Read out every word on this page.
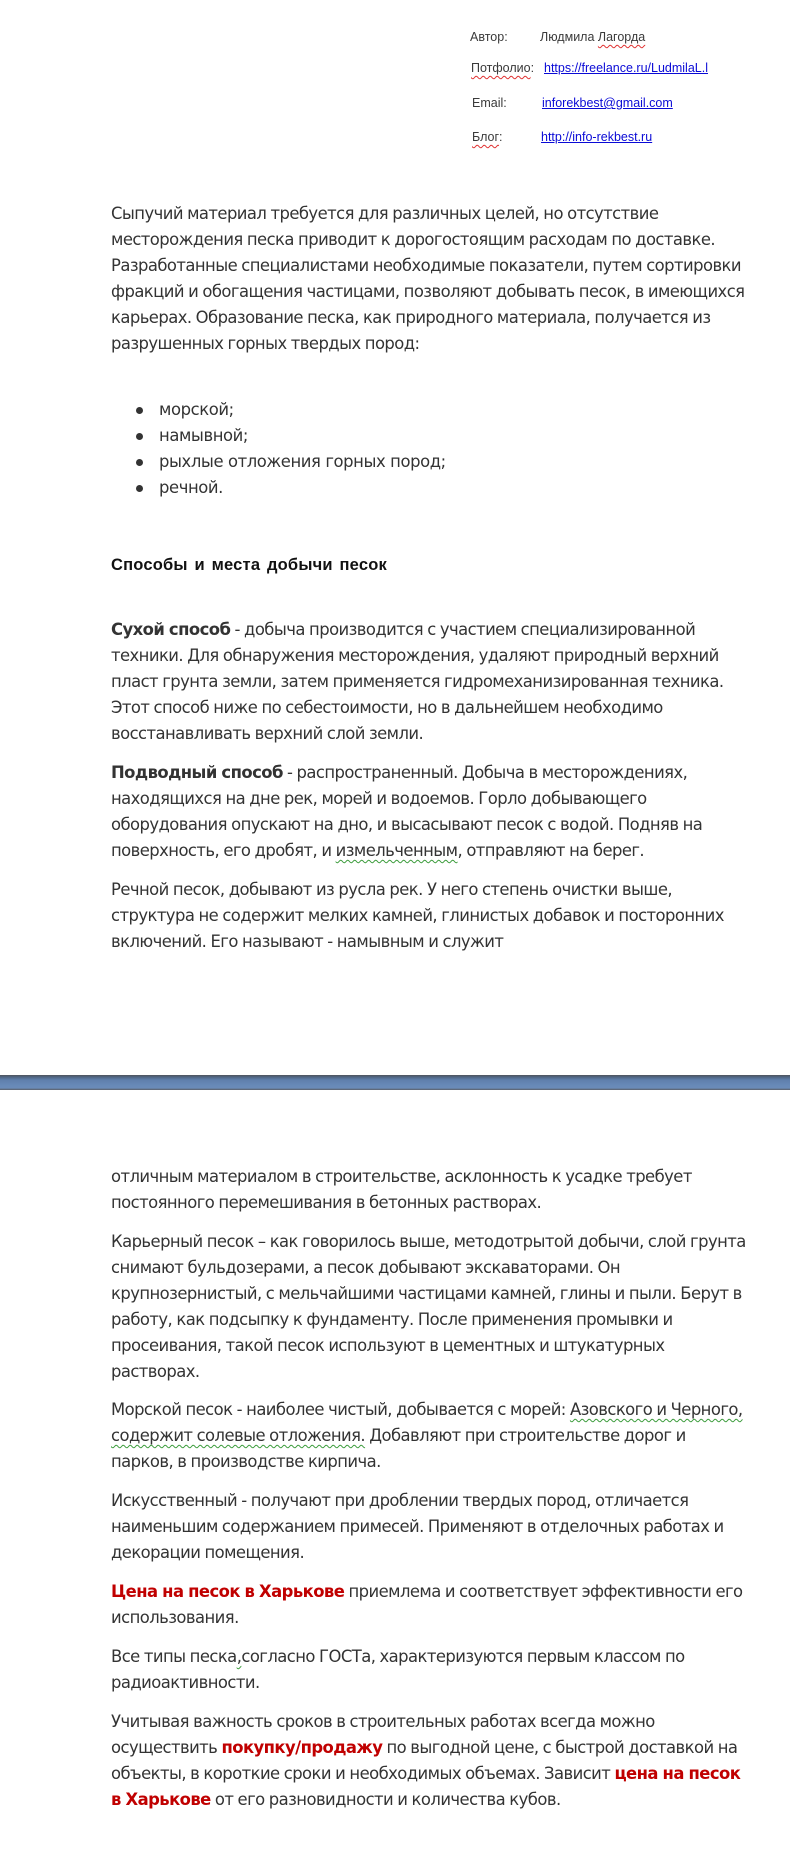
Автор:	Людмила Лагорда
Потфолио: https://freelance.ru/LudmilaL.l
Email:	inforekbest@gmail.com
Блог:	http://info-rekbest.ru

Сыпучий материал требуется для различных целей, но отсутствие месторождения песка приводит к дорогостоящим расходам по доставке. Разработанные специалистами необходимые показатели, путем сортировки фракций и обогащения частицами, позволяют добывать песок, в имеющихся карьерах. Образование песка, как природного материала, получается из разрушенных горных твердых пород:

морской;
намывной;
рыхлые отложения горных пород;
речной.
Способы и места добычи песок

Сухой способ - добыча производится с участием специализированной техники. Для обнаружения месторождения, удаляют природный верхний пласт грунта земли, затем применяется гидромеханизированная техника. Этот способ ниже по себестоимости, но в дальнейшем необходимо восстанавливать верхний слой земли.

Подводный способ - распространенный. Добыча в месторождениях, находящихся на дне рек, морей и водоемов. Горло добывающего оборудования опускают на дно, и высасывают песок с водой. Подняв на поверхность, его дробят, и измельченным, отправляют на берег.

Речной песок, добывают из русла рек. У него степень очистки выше, структура не содержит мелких камней, глинистых добавок и посторонних включений. Его называют - намывным и служит

отличным материалом в строительстве, асклонность к усадке требует постоянного перемешивания в бетонных растворах.

Карьерный песок – как говорилось выше, методотрытой добычи, слой грунта снимают бульдозерами, а песок добывают экскаваторами. Он крупнозернистый, с мельчайшими частицами камней, глины и пыли. Берут в работу, как подсыпку к фундаменту. После применения промывки и просеивания, такой песок используют в цементных и штукатурных растворах.

Морской песок - наиболее чистый, добывается с морей: Азовского и Черного, содержит солевые отложения. Добавляют при строительстве дорог и парков, в производстве кирпича.

Искусственный - получают при дроблении твердых пород, отличается наименьшим содержанием примесей. Применяют в отделочных работах и декорации помещения.

Цена на песок в Харькове приемлема и соответствует эффективности его использования.

Все типы песка,согласно ГОСТа, характеризуются первым классом по радиоактивности.

Учитывая важность сроков в строительных работах всегда можно осуществить покупку/продажу по выгодной цене, с быстрой доставкой на объекты, в короткие сроки и необходимых объемах. Зависит цена на песок в Харькове от его разновидности и количества кубов.
